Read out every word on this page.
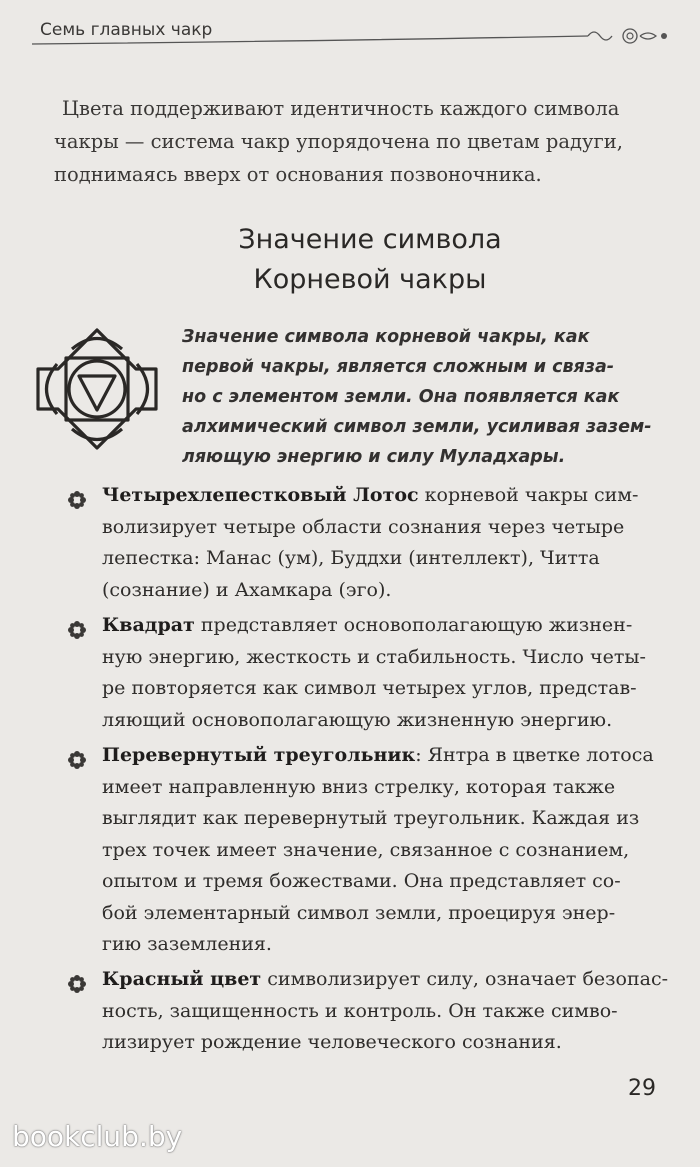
Семь главных чакр
Цвета поддерживают идентичность каждого символа
чакры — система чакр упорядочена по цветам радуги,
поднимаясь вверх от основания позвоночника.
Значение символа
Корневой чакры
Значение символа корневой чакры, как
первой чакры, является сложным и связа-
но с элементом земли. Она появляется как
алхимический символ земли, усиливая зазем-
ляющую энергию и силу Муладхары.
Четырехлепестковый Лотос корневой чакры сим-
волизирует четыре области сознания через четыре
лепестка: Манас (ум), Буддхи (интеллект), Читта
(сознание) и Ахамкара (эго).
Квадрат представляет основополагающую жизнен-
ную энергию, жесткость и стабильность. Число четы-
ре повторяется как символ четырех углов, представ-
ляющий основополагающую жизненную энергию.
Перевернутый треугольник: Янтра в цветке лотоса
имеет направленную вниз стрелку, которая также
выглядит как перевернутый треугольник. Каждая из
трех точек имеет значение, связанное с сознанием,
опытом и тремя божествами. Она представляет со-
бой элементарный символ земли, проецируя энер-
гию заземления.
Красный цвет символизирует силу, означает безопас-
ность, защищенность и контроль. Он также симво-
лизирует рождение человеческого сознания.
29
bookclub.by
